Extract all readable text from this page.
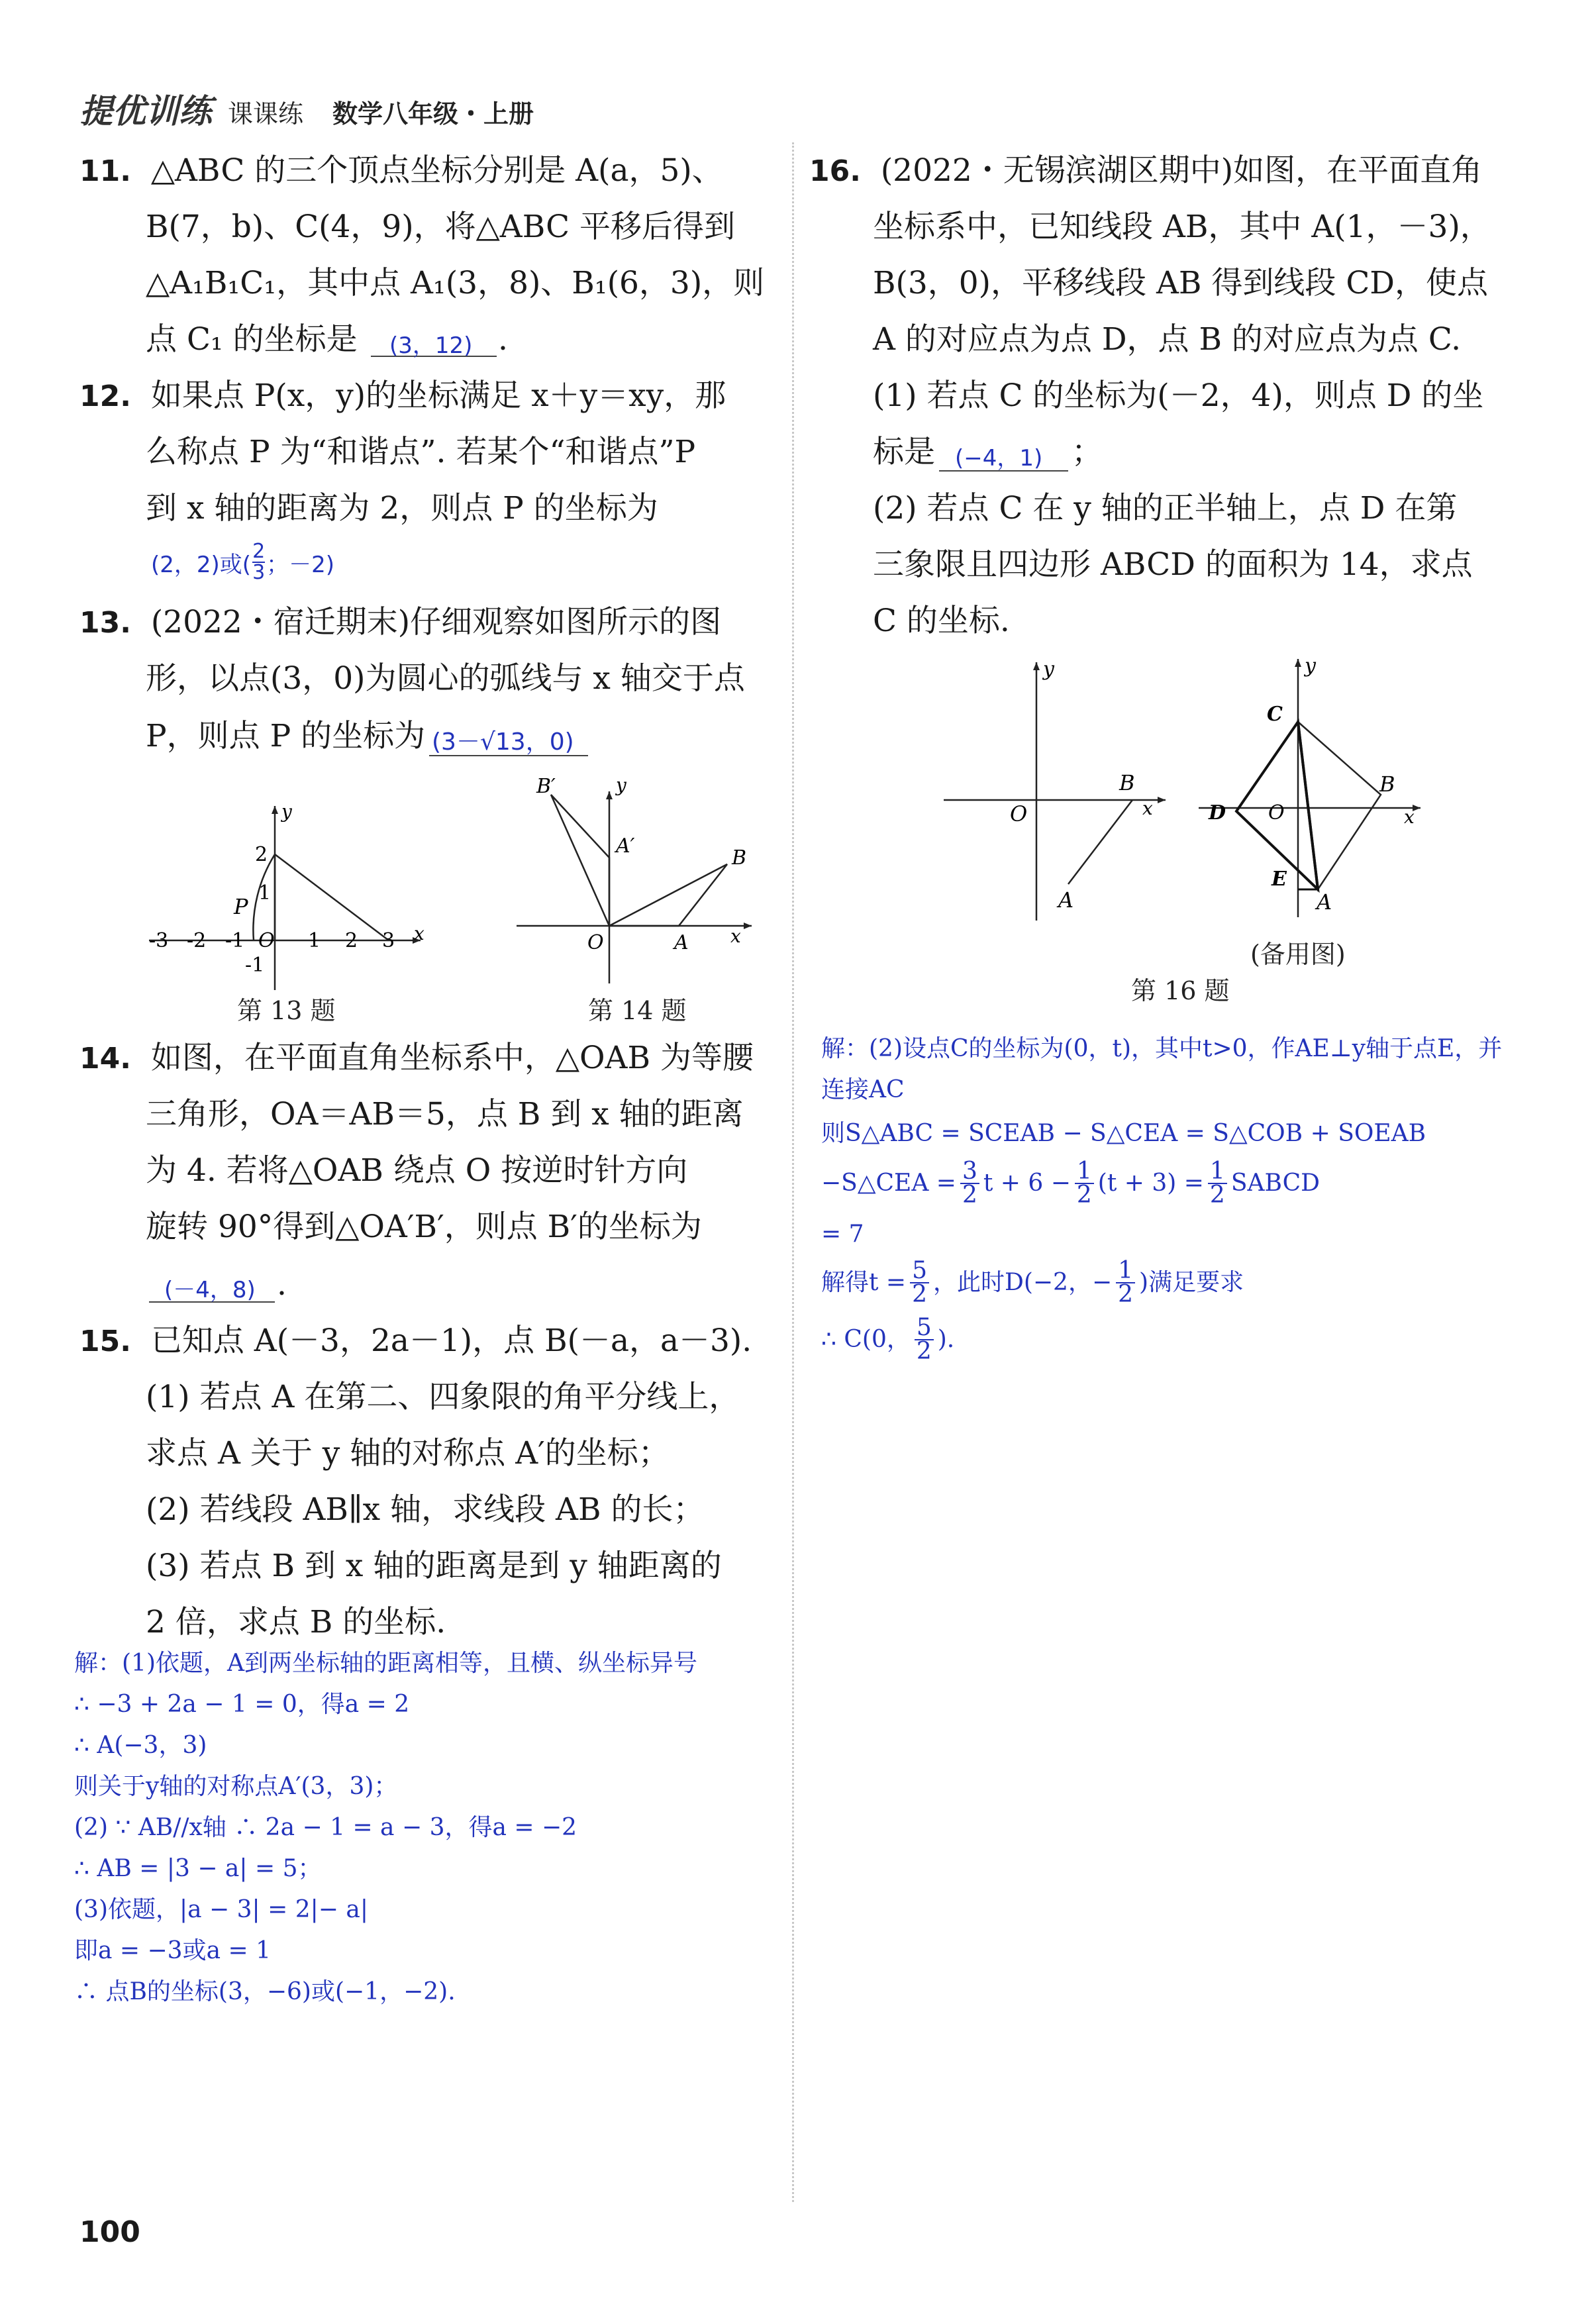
提优训练 课课练 数学八年级・上册
11. △ABC 的三个顶点坐标分别是 A(a，5)、
B(7，b)、C(4，9)，将△ABC 平移后得到
△A₁B₁C₁，其中点 A₁(3，8)、B₁(6，3)，则
点 C₁ 的坐标是 (3，12) .
12. 如果点 P(x，y)的坐标满足 x＋y＝xy，那
么称点 P 为“和谐点”. 若某个“和谐点”P
到 x 轴的距离为 2，则点 P 的坐标为
(2，2)或( $\frac{2}{3}$ ；－2)
13. (2022・宿迁期末)仔细观察如图所示的图
形，以点(3，0)为圆心的弧线与 x 轴交于点
P，则点 P 的坐标为 (3－√13，0)
x
y
-3 -2 -1 O 1 2 3
2
1
-1
P
第 13 题
B′	y
A′
B
A
O	x
第 14 题
14. 如图，在平面直角坐标系中，△OAB 为等腰
三角形，OA＝AB＝5，点 B 到 x 轴的距离
为 4. 若将△OAB 绕点 O 按逆时针方向
旋转 90°得到△OA′B′，则点 B′的坐标为
(－4，8) .
15. 已知点 A(－3，2a－1)，点 B(－a，a－3).
(1) 若点 A 在第二、四象限的角平分线上，
求点 A 关于 y 轴的对称点 A′的坐标；
(2) 若线段 AB∥x 轴，求线段 AB 的长；
(3) 若点 B 到 x 轴的距离是到 y 轴距离的
2 倍，求点 B 的坐标.
解：(1)依题，A到两坐标轴的距离相等，且横、纵坐标异号
∴ −3 + 2a − 1 = 0，得a = 2
∴ A(−3，3)
则关于y轴的对称点A′(3，3)；
(2) ∵ AB//x轴 ∴ 2a − 1 = a − 3，得a = −2
∴ AB = |3 − a| = 5；
(3)依题，|a − 3| = 2|− a|
即a = −3或a = 1
∴ 点B的坐标(3，−6)或(−1，−2).
16. (2022・无锡滨湖区期中)如图，在平面直角
坐标系中，已知线段 AB，其中 A(1，－3)，
B(3，0)，平移线段 AB 得到线段 CD，使点
A 的对应点为点 D，点 B 的对应点为点 C.
(1) 若点 C 的坐标为(－2，4)，则点 D 的坐
标是 (−4，1) ；
(2) 若点 C 在 y 轴的正半轴上，点 D 在第
三象限且四边形 ABCD 的面积为 14，求点
C 的坐标.
y
x
O
B
A
y
x
C
D O
B
E
A
(备用图)
第 16 题
解：(2)设点C的坐标为(0，t)，其中t>0，作AE⊥y轴于点E，并
连接AC
则S△ABC = SCEAB − S△CEA = S△COB + SOEAB
−S△CEA = $\frac{3}{2}$ $t + 6 - \frac{1}{2} (t + 3) = \frac{1}{2}$ SABCD
= 7
解得$t = \frac{5}{2}$ ，此时D(−2，− $\frac{1}{2}$ )满足要求
∴ C(0， $\frac{5}{2}$ ).
100
